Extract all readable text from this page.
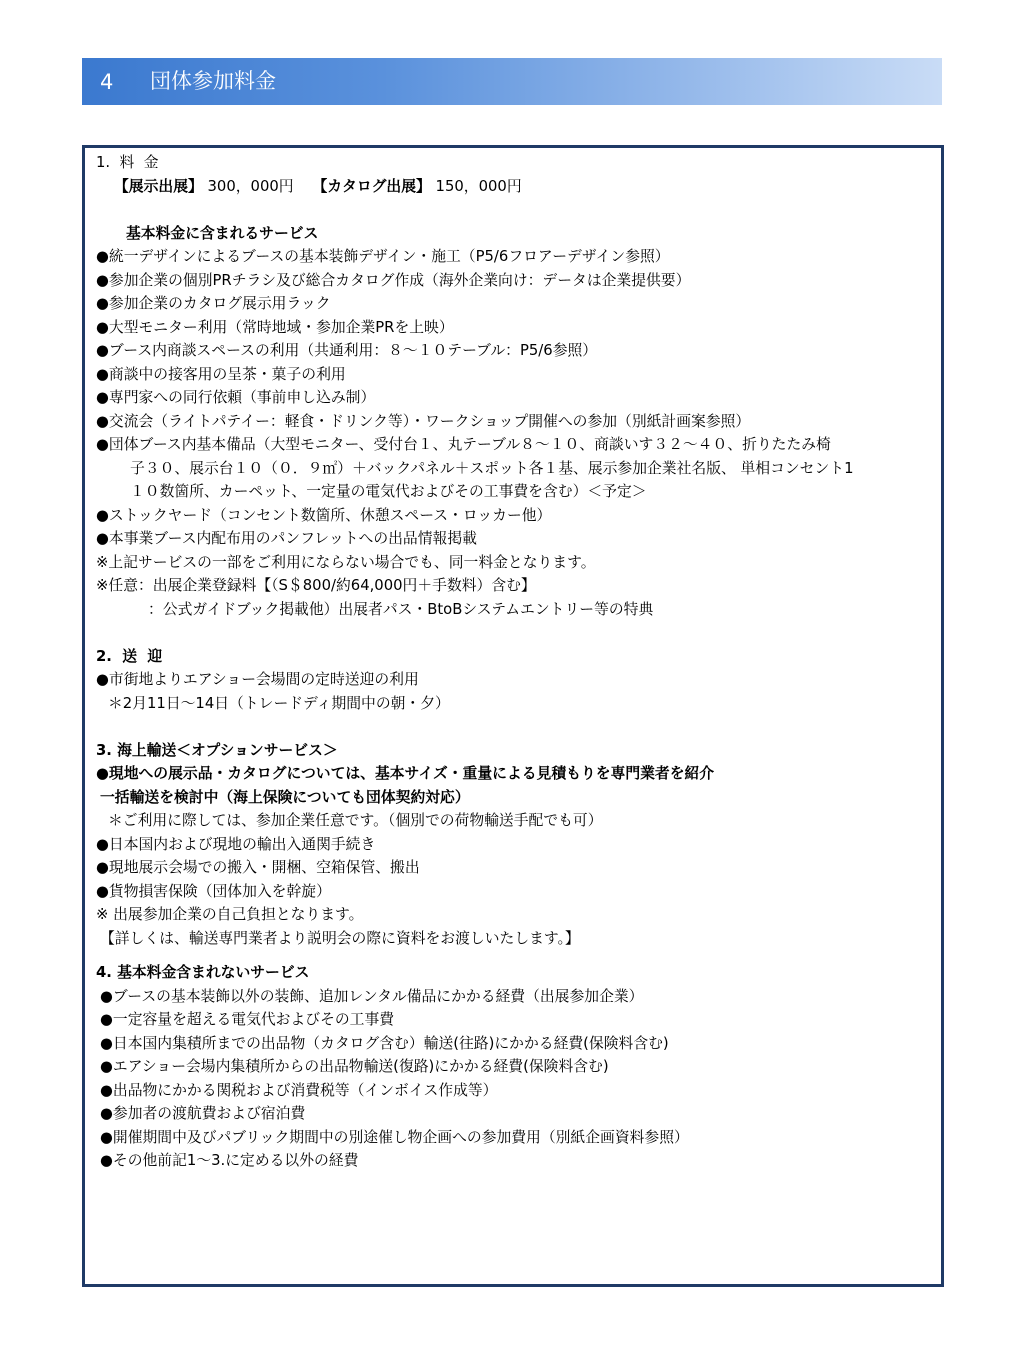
4 団体参加料金
1.  料  金
【展示出展】 300，000円 【カタログ出展】 150，000円
基本料金に含まれるサービス
●統一デザインによるブースの基本装飾デザイン・施工（P5/6フロアーデザイン参照）
●参加企業の個別PRチラシ及び総合カタログ作成（海外企業向け：データは企業提供要）
●参加企業のカタログ展示用ラック
●大型モニター利用（常時地域・参加企業PRを上映）
●ブース内商談スペースの利用（共通利用：８～１０テーブル：P5/6参照）
●商談中の接客用の呈茶・菓子の利用
●専門家への同行依頼（事前申し込み制）
●交流会（ライトパテイー：軽食・ドリンク等）・ワークショップ開催への参加（別紙計画案参照）
●団体ブース内基本備品（大型モニター、受付台１、丸テーブル８～１０、商談いす３２～４０、折りたたみ椅
子３０、展示台１０（０．９㎡）＋バックパネル＋スポット各１基、展示参加企業社名版、 単相コンセント1
１０数箇所、カーペット、一定量の電気代およびその工事費を含む）＜予定＞
●ストックヤード（コンセント数箇所、休憩スペース・ロッカー他）
●本事業ブース内配布用のパンフレットへの出品情報掲載
※上記サービスの一部をご利用にならない場合でも、同一料金となります。
※任意：出展企業登録料【（S＄800/約64,000円＋手数料）含む】
：公式ガイドブック掲載他）出展者パス・BtoBシステムエントリー等の特典
2.  送  迎
●市街地よりエアショー会場間の定時送迎の利用
＊2月11日～14日（トレードディ期間中の朝・夕）
3. 海上輸送＜オプションサービス＞
●現地への展示品・カタログについては、基本サイズ・重量による見積もりを専門業者を紹介
一括輸送を検討中（海上保険についても団体契約対応）
＊ご利用に際しては、参加企業任意です。（個別での荷物輸送手配でも可）
●日本国内および現地の輸出入通関手続き
●現地展示会場での搬入・開梱、空箱保管、搬出
●貨物損害保険（団体加入を幹旋）
※ 出展参加企業の自己負担となります。
【詳しくは、輸送専門業者より説明会の際に資料をお渡しいたします。】
4. 基本料金含まれないサービス
●ブースの基本装飾以外の装飾、追加レンタル備品にかかる経費（出展参加企業）
●一定容量を超える電気代およびその工事費
●日本国内集積所までの出品物（カタログ含む）輸送(往路)にかかる経費(保険料含む)
●エアショー会場内集積所からの出品物輸送(復路)にかかる経費(保険料含む)
●出品物にかかる関税および消費税等（インボイス作成等）
●参加者の渡航費および宿泊費
●開催期間中及びパブリック期間中の別途催し物企画への参加費用（別紙企画資料参照）
●その他前記1～3.に定める以外の経費
